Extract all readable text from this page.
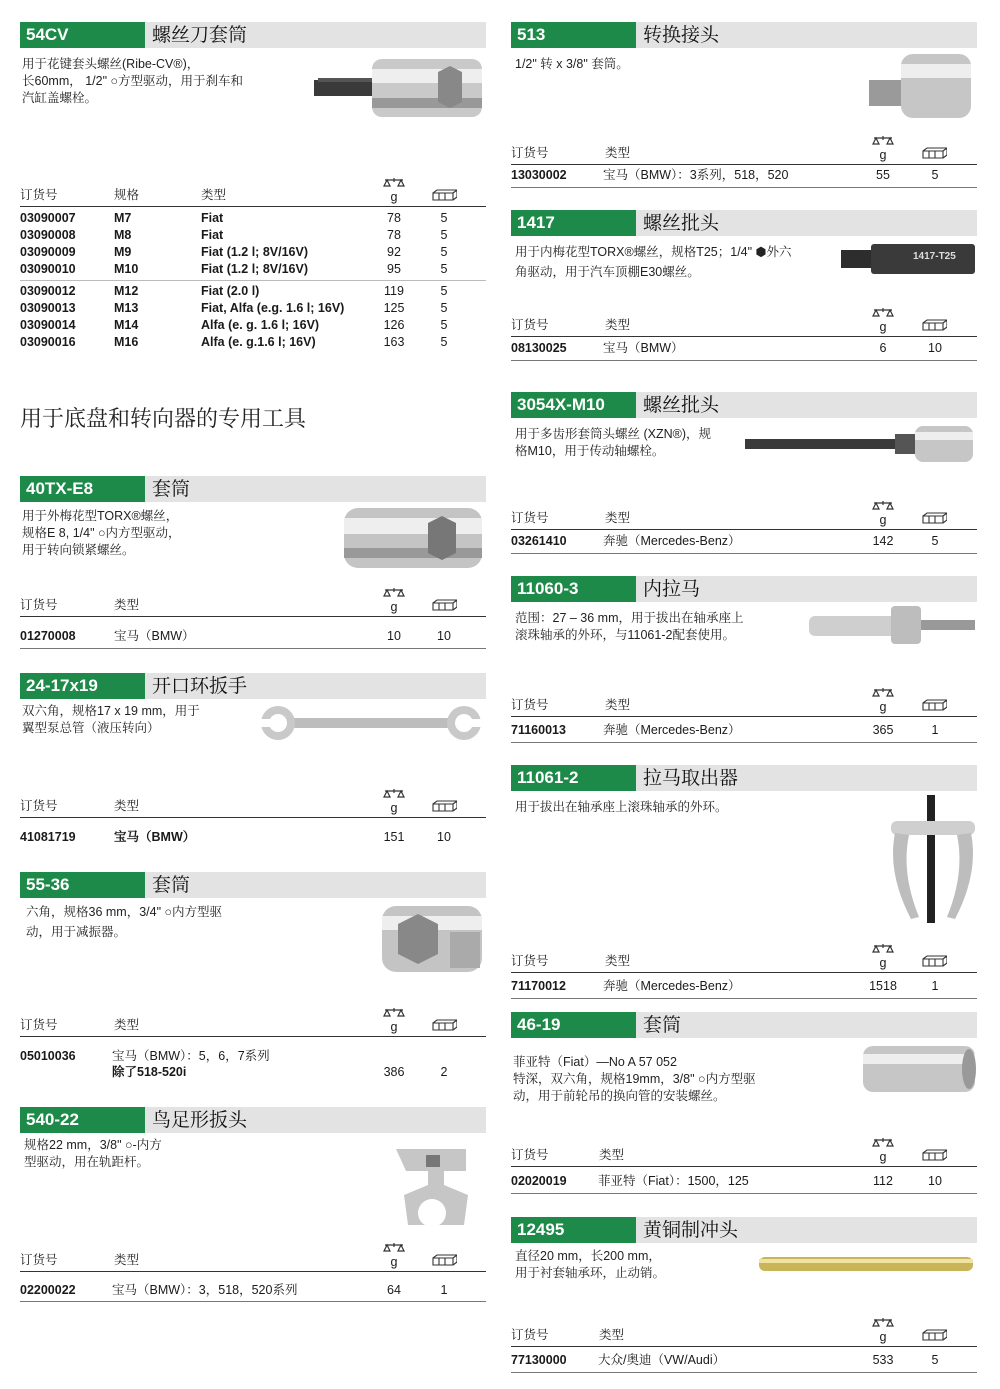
54CV	螺丝刀套筒
用于花键套头螺丝(Ribe-CV®)，
长60mm， 1/2" ○方型驱动，用于刹车和
汽缸盖螺栓。
订货号	规格	类型	g
03090007	M7	Fiat	78	5
03090008	M8	Fiat	78	5
03090009	M9	Fiat (1.2 l; 8V/16V)	92	5
03090010	M10	Fiat (1.2 l; 8V/16V)	95	5
03090012	M12	Fiat (2.0 l)	119	5
03090013	M13	Fiat, Alfa (e.g. 1.6 l; 16V)	125	5
03090014	M14	Alfa (e. g. 1.6 l; 16V)	126	5
03090016	M16	Alfa (e. g.1.6 l; 16V)	163	5
40TX-E8	套筒
用于外梅花型TORX®螺丝，
规格E 8, 1/4" ○内方型驱动，
用于转向锁紧螺丝。
订货号	类型	g
01270008	宝马（BMW）	10	10
24-17x19	开口环扳手
双六角，规格17 x 19 mm，用于
翼型泵总管（液压转向）
订货号	类型	g
41081719	宝马（BMW）	151	10
55-36	套筒
六角，规格36 mm，3/4" ○内方型驱
动，用于减振器。
订货号	类型	g
05010036	宝马（BMW）：5，6，7系列
除了518-520i	386	2
540-22	鸟足形扳头
规格22 mm，3/8" ○-内方
型驱动，用在轨距杆。
订货号	类型	g
02200022	宝马（BMW）：3，518，520系列	64	1
用于底盘和转向器的专用工具
513	转换接头
1/2" 转 x 3/8" 套筒。
订货号	类型	g
13030002	宝马（BMW）：3系列，518，520	55	5
1417	螺丝批头
用于内梅花型TORX®螺丝，规格T25；1/4" ⬢外六
角驱动，用于汽车顶棚E30螺丝。
1417-T25
订货号	类型	g
08130025	宝马（BMW）	6	10
3054X-M10	螺丝批头
用于多齿形套筒头螺丝 (XZN®)，规
格M10，用于传动轴螺栓。
订货号	类型	g
03261410	奔驰（Mercedes-Benz）	142	5
11060-3	内拉马
范围：27 – 36 mm，用于拔出在轴承座上
滚珠轴承的外环，与11061-2配套使用。
订货号	类型	g
71160013	奔驰（Mercedes-Benz）	365	1
11061-2	拉马取出器
用于拔出在轴承座上滚珠轴承的外环。
订货号	类型	g
71170012	奔驰（Mercedes-Benz）	1518	1
46-19	套筒
菲亚特（Fiat）—No A 57 052
特深，双六角，规格19mm，3/8" ○内方型驱
动，用于前轮吊的换向管的安装螺丝。
订货号	类型	g
02020019	菲亚特（Fiat）：1500，125	112	10
12495	黄铜制冲头
直径20 mm，长200 mm，
用于衬套轴承环，止动销。
订货号	类型	g
77130000	大众/奥迪（VW/Audi）	533	5
